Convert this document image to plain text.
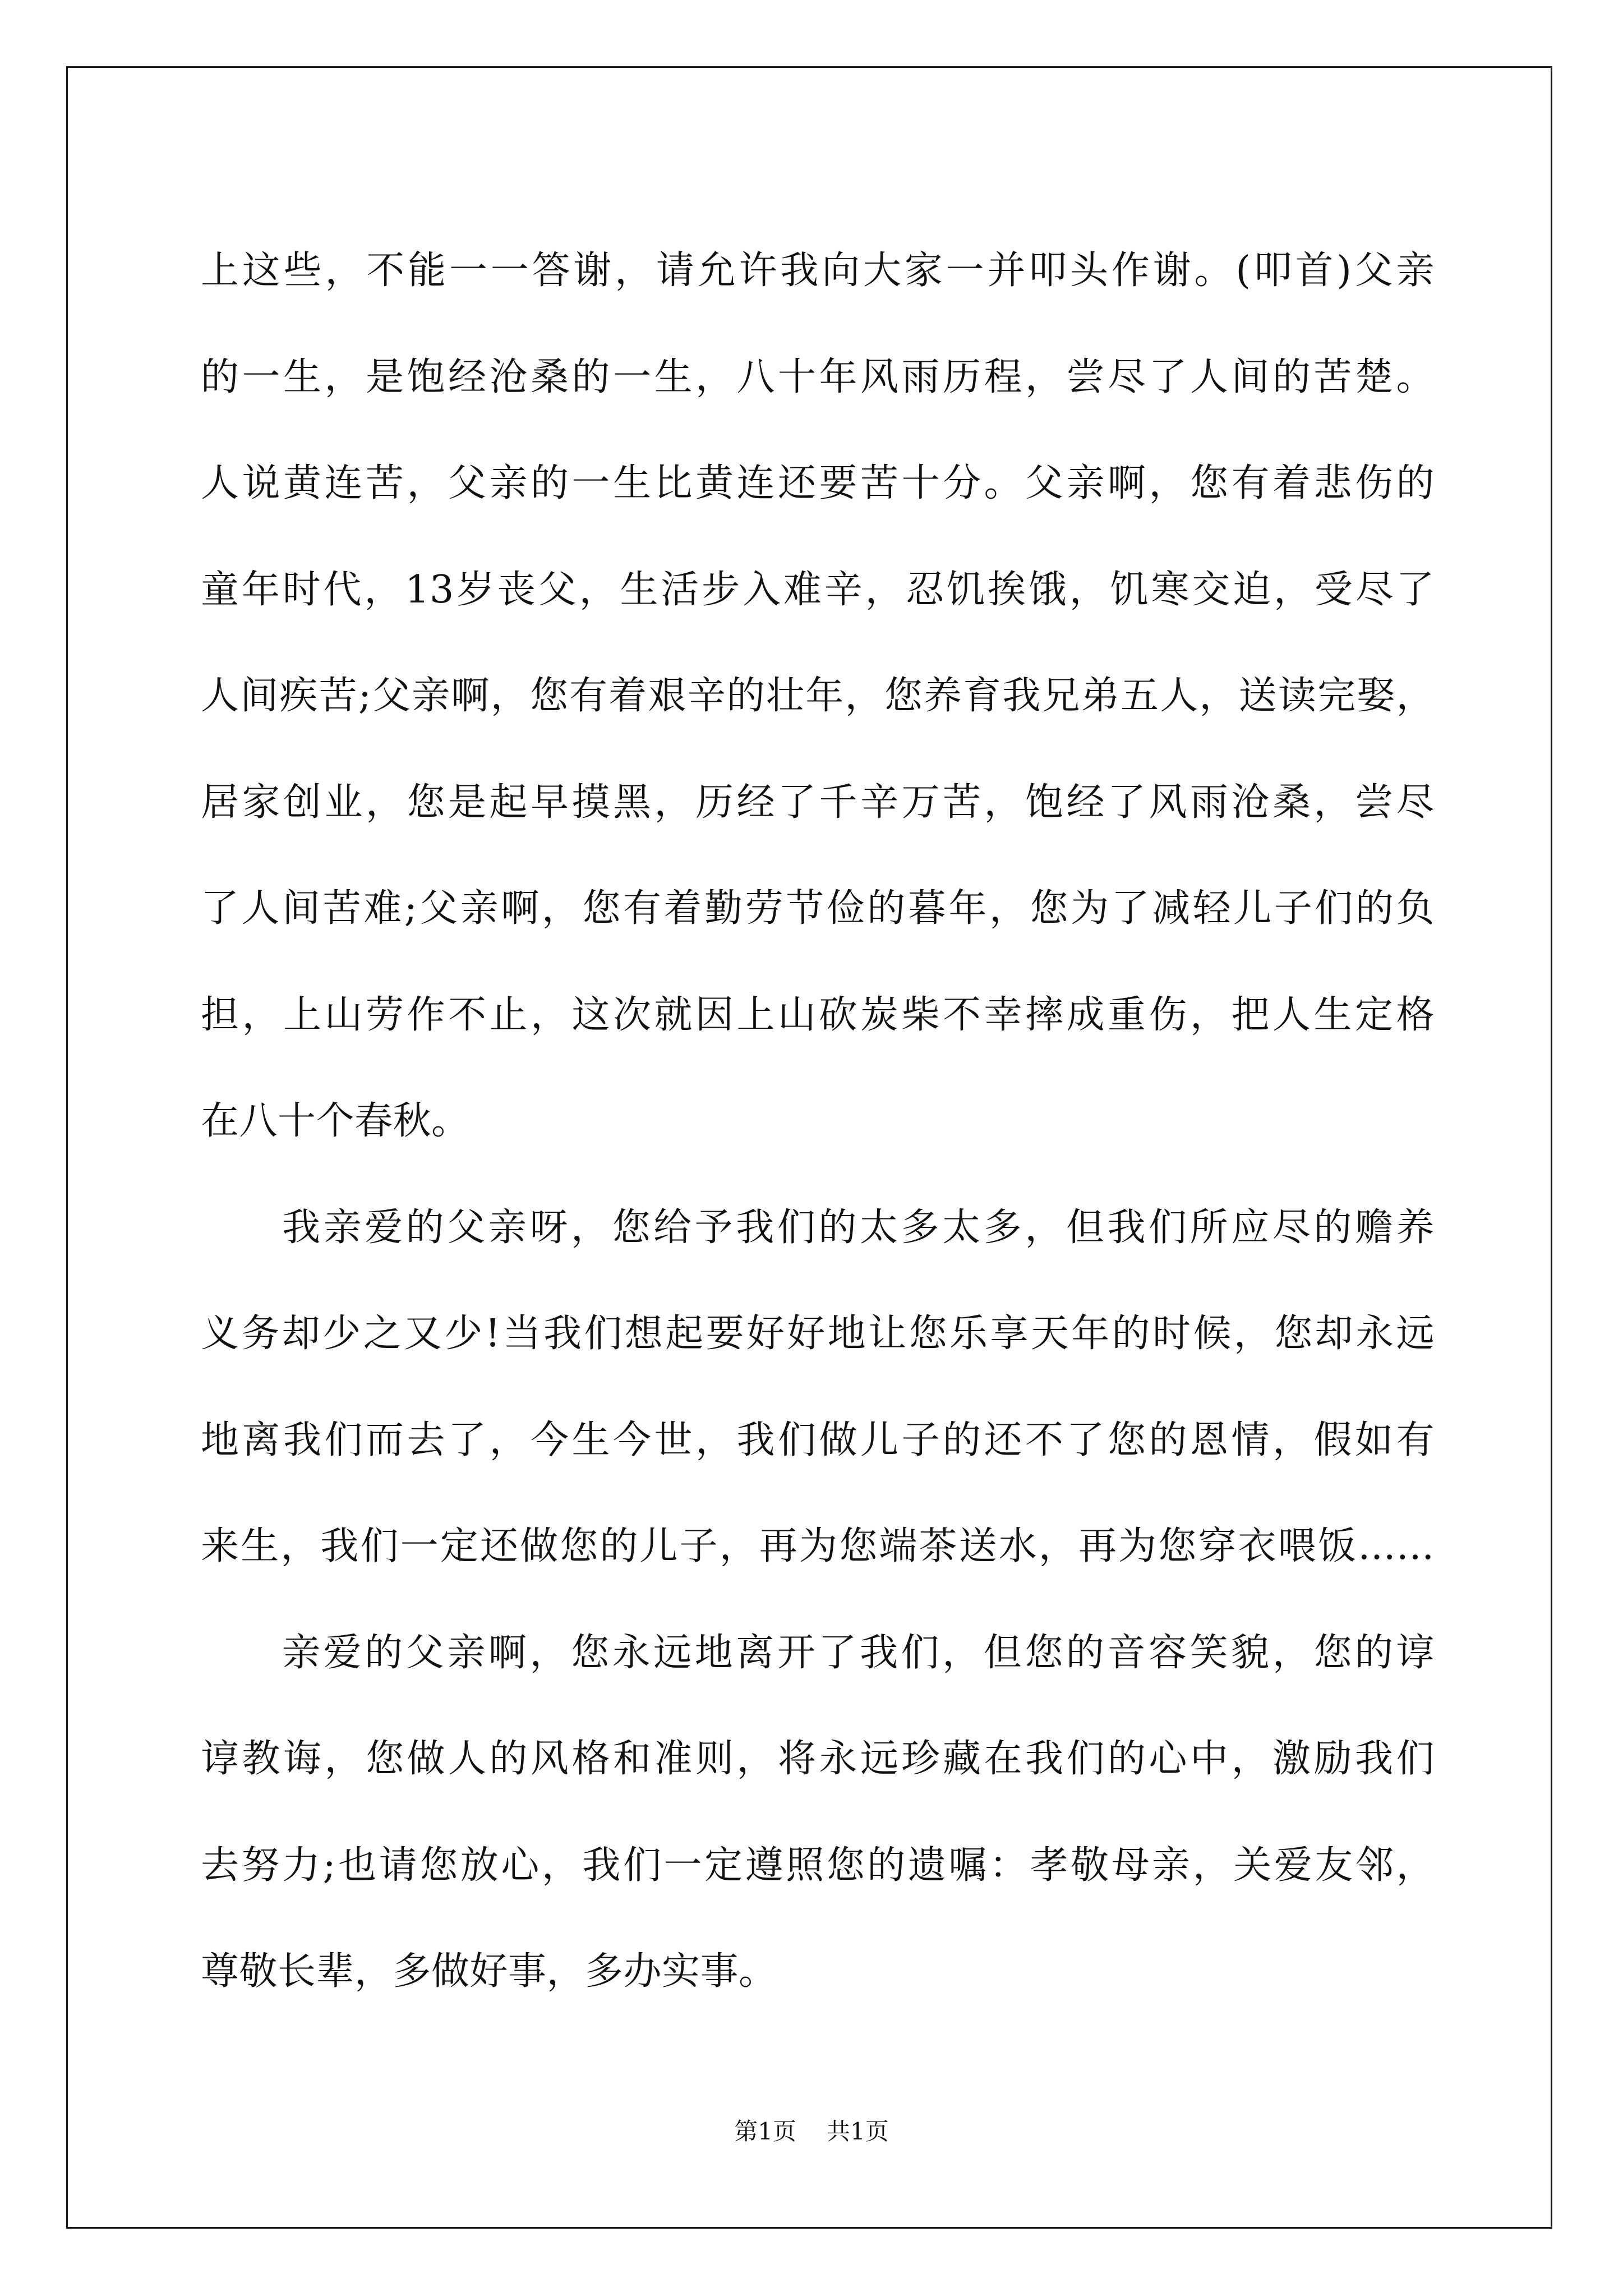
上这些，不能一一答谢，请允许我向大家一并叩头作谢。(叩首)父亲
的一生，是饱经沧桑的一生，八十年风雨历程，尝尽了人间的苦楚。
人说黄连苦，父亲的一生比黄连还要苦十分。父亲啊，您有着悲伤的
童年时代，13岁丧父，生活步入难辛，忍饥挨饿，饥寒交迫，受尽了
人间疾苦;父亲啊，您有着艰辛的壮年，您养育我兄弟五人，送读完娶，
居家创业，您是起早摸黑，历经了千辛万苦，饱经了风雨沧桑，尝尽
了人间苦难;父亲啊，您有着勤劳节俭的暮年，您为了减轻儿子们的负
担，上山劳作不止，这次就因上山砍炭柴不幸摔成重伤，把人生定格
在八十个春秋。
我亲爱的父亲呀，您给予我们的太多太多，但我们所应尽的赡养
义务却少之又少!当我们想起要好好地让您乐享天年的时候，您却永远
地离我们而去了，今生今世，我们做儿子的还不了您的恩情，假如有
来生，我们一定还做您的儿子，再为您端茶送水，再为您穿衣喂饭……
亲爱的父亲啊，您永远地离开了我们，但您的音容笑貌，您的谆
谆教诲，您做人的风格和准则，将永远珍藏在我们的心中，激励我们
去努力;也请您放心，我们一定遵照您的遗嘱：孝敬母亲，关爱友邻，
尊敬长辈，多做好事，多办实事。
第1页 共1页
